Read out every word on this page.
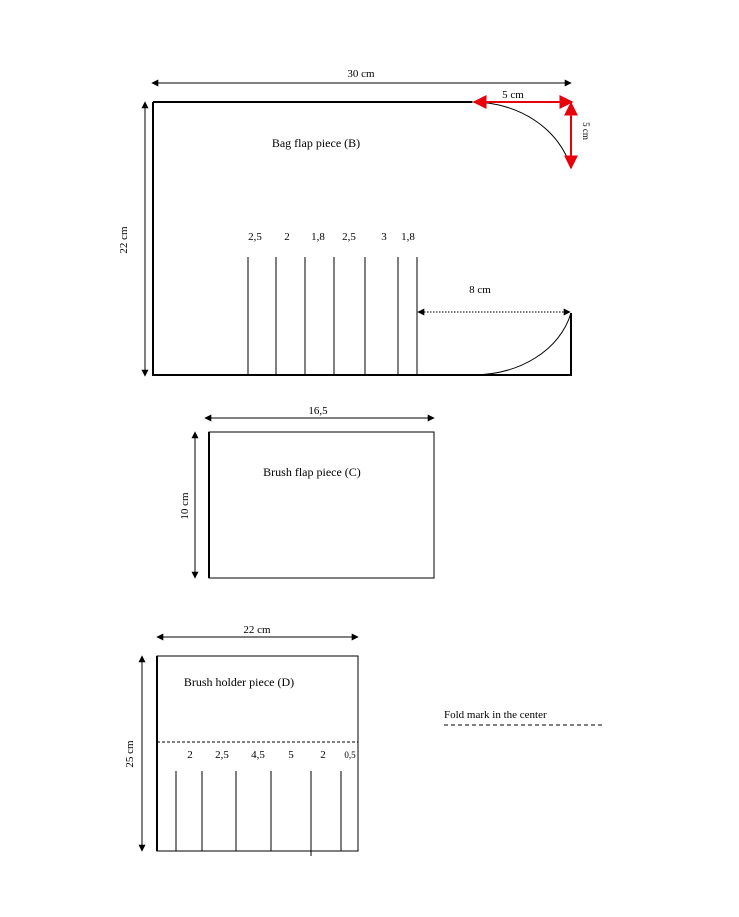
30 cm
22 cm
5 cm
5 cm
Bag flap piece (B)
2,5 2 1,8 2,5 3 1,8
8 cm
16,5
10 cm
Brush flap piece (C)
22 cm
25 cm
Brush holder piece (D)
2 2,5 4,5 5 2 0,5
Fold mark in the center
